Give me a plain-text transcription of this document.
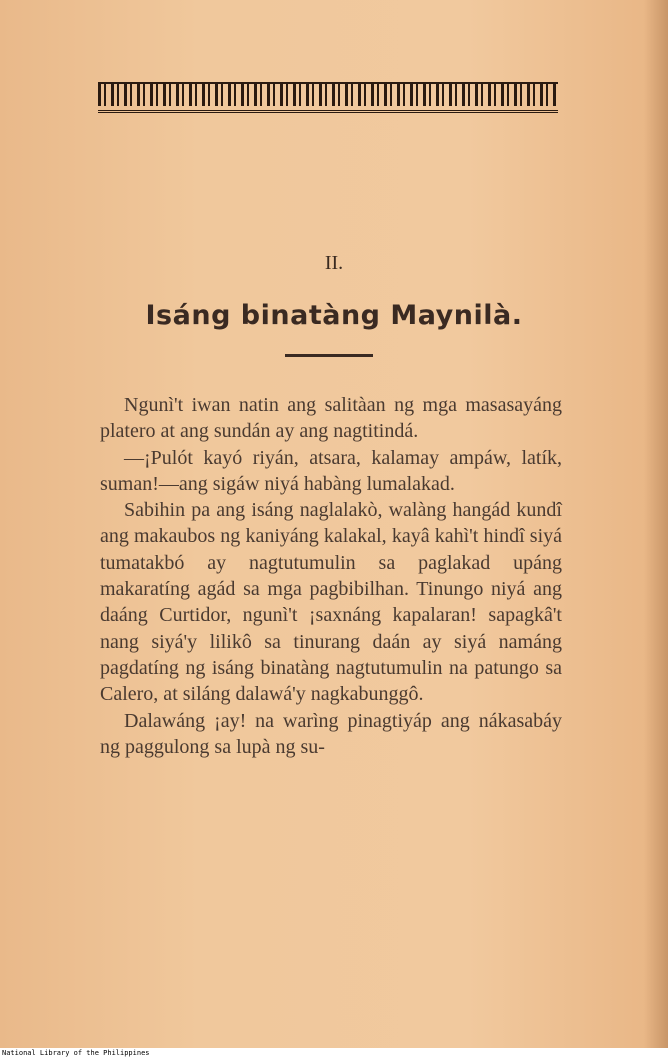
II.
Isáng binatàng Maynilà.

Ngunì't iwan natin ang salitàan ng mga masasayáng platero at ang sundán ay ang nagtitindá.

—¡Pulót kayó riyán, atsara, kalamay ampáw, latík, suman!—ang sigáw niyá habàng lumalakad.

Sabihin pa ang isáng naglalakò, walàng hangád kundî ang makaubos ng kaniyáng kalakal, kayâ kahì't hindî siyá tumatakbó ay nagtutumulin sa paglakad upáng makaratíng agád sa mga pagbibilhan. Tinungo niyá ang daáng Curtidor, ngunì't ¡saxnáng kapalaran! sapagkâ't nang siyá'y lilikô sa tinurang daán ay siyá namáng pagdatíng ng isáng binatàng nagtutumulin na patungo sa Calero, at siláng dalawá'y nagkabunggô.

Dalawáng ¡ay! na warìng pinagtiyáp ang nákasabáy ng paggulong sa lupà ng su-

National Library of the Philippines
